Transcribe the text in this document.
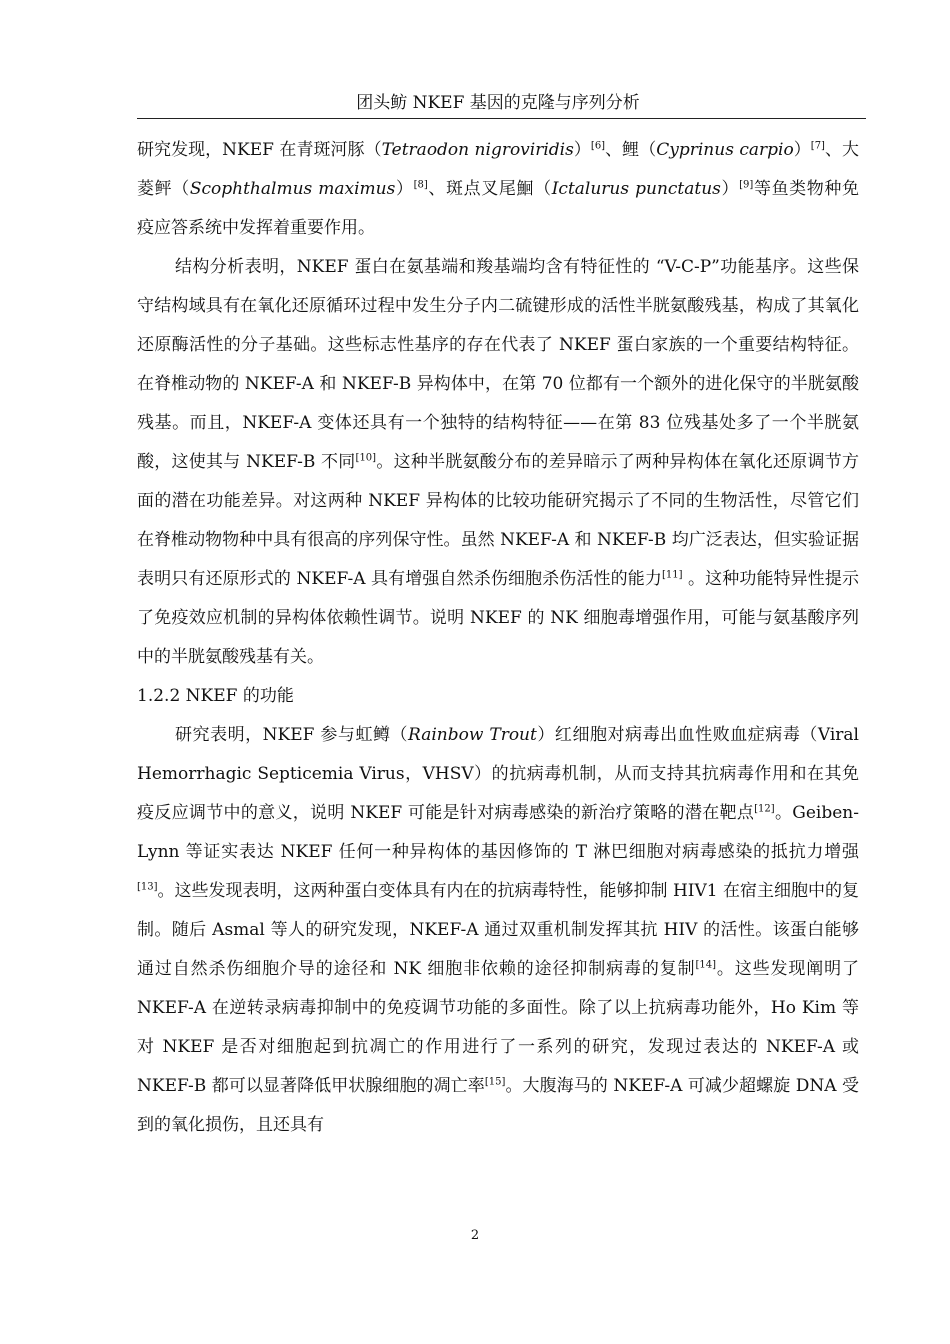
团头鲂 NKEF 基因的克隆与序列分析

研究发现，NKEF 在青斑河豚（Tetraodon nigroviridis）[6]、鲤（Cyprinus carpio）[7]、大菱鲆（Scophthalmus maximus）[8]、斑点叉尾鮰（Ictalurus punctatus）[9]等鱼类物种免疫应答系统中发挥着重要作用。

结构分析表明，NKEF 蛋白在氨基端和羧基端均含有特征性的 “V-C-P”功能基序。这些保守结构域具有在氧化还原循环过程中发生分子内二硫键形成的活性半胱氨酸残基，构成了其氧化还原酶活性的分子基础。这些标志性基序的存在代表了 NKEF 蛋白家族的一个重要结构特征。在脊椎动物的 NKEF-A 和 NKEF-B 异构体中，在第 70 位都有一个额外的进化保守的半胱氨酸残基。而且，NKEF-A 变体还具有一个独特的结构特征——在第 83 位残基处多了一个半胱氨酸，这使其与 NKEF-B 不同[10]。这种半胱氨酸分布的差异暗示了两种异构体在氧化还原调节方面的潜在功能差异。对这两种 NKEF 异构体的比较功能研究揭示了不同的生物活性，尽管它们在脊椎动物物种中具有很高的序列保守性。虽然 NKEF-A 和 NKEF-B 均广泛表达，但实验证据表明只有还原形式的 NKEF-A 具有增强自然杀伤细胞杀伤活性的能力[11] 。这种功能特异性提示了免疫效应机制的异构体依赖性调节。说明 NKEF 的 NK 细胞毒增强作用，可能与氨基酸序列中的半胱氨酸残基有关。

1.2.2 NKEF 的功能

研究表明，NKEF 参与虹鳟（Rainbow Trout）红细胞对病毒出血性败血症病毒（Viral Hemorrhagic Septicemia Virus，VHSV）的抗病毒机制，从而支持其抗病毒作用和在其免疫反应调节中的意义，说明 NKEF 可能是针对病毒感染的新治疗策略的潜在靶点[12]。Geiben-Lynn 等证实表达 NKEF 任何一种异构体的基因修饰的 T 淋巴细胞对病毒感染的抵抗力增强[13]。这些发现表明，这两种蛋白变体具有内在的抗病毒特性，能够抑制 HIV1 在宿主细胞中的复制。随后 Asmal 等人的研究发现，NKEF-A 通过双重机制发挥其抗 HIV 的活性。该蛋白能够通过自然杀伤细胞介导的途径和 NK 细胞非依赖的途径抑制病毒的复制[14]。这些发现阐明了 NKEF-A 在逆转录病毒抑制中的免疫调节功能的多面性。除了以上抗病毒功能外，Ho Kim 等对 NKEF 是否对细胞起到抗凋亡的作用进行了一系列的研究，发现过表达的 NKEF-A 或 NKEF-B 都可以显著降低甲状腺细胞的凋亡率[15]。大腹海马的 NKEF-A 可减少超螺旋 DNA 受到的氧化损伤，且还具有

2
